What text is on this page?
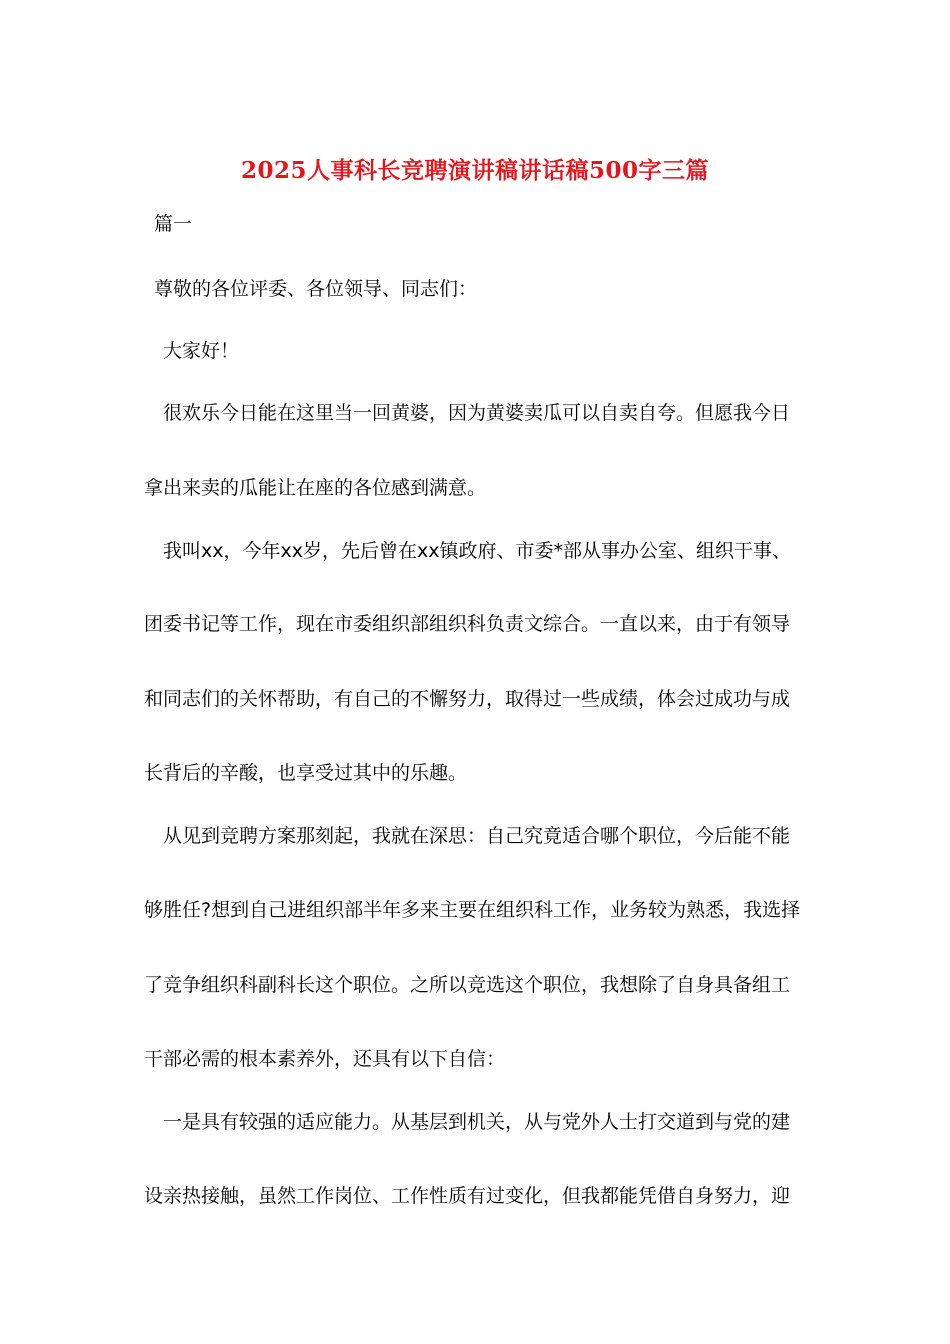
2025人事科长竞聘演讲稿讲话稿500字三篇

篇一

尊敬的各位评委、各位领导、同志们：

大家好！

很欢乐今日能在这里当一回黄婆，因为黄婆卖瓜可以自卖自夸。但愿我今日

拿出来卖的瓜能让在座的各位感到满意。

我叫xx，今年xx岁，先后曾在xx镇政府、市委*部从事办公室、组织干事、

团委书记等工作，现在市委组织部组织科负责文综合。一直以来，由于有领导

和同志们的关怀帮助，有自己的不懈努力，取得过一些成绩，体会过成功与成

长背后的辛酸，也享受过其中的乐趣。

从见到竞聘方案那刻起，我就在深思：自己究竟适合哪个职位，今后能不能

够胜任?想到自己进组织部半年多来主要在组织科工作，业务较为熟悉，我选择

了竞争组织科副科长这个职位。之所以竞选这个职位，我想除了自身具备组工

干部必需的根本素养外，还具有以下自信：

一是具有较强的适应能力。从基层到机关，从与党外人士打交道到与党的建

设亲热接触，虽然工作岗位、工作性质有过变化，但我都能凭借自身努力，迎
